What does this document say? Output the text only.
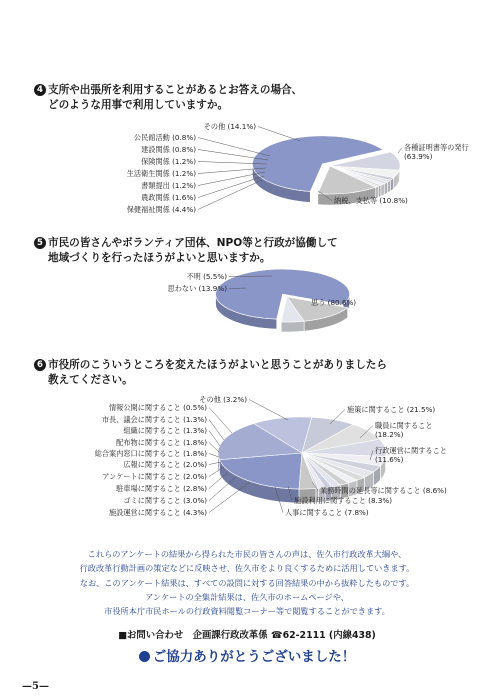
4 支所や出張所を利用することがあるとお答えの場合、
どのような用事で利用していますか。
各種証明書等の発行
(63.9%)
納税、支払等 (10.8%)
保健福祉関係 (4.4%)
農政関係 (1.6%)
書類提出 (1.2%)
生活衛生関係 (1.2%)
保険関係 (1.2%)
建設関係 (0.8%)
公民館活動 (0.8%)
その他 (14.1%)
5 市民の皆さんやボランティア団体、NPO等と行政が協働して
地域づくりを行ったほうがよいと思いますか。
思う (80.6%)
思わない (13.9%)
不明 (5.5%)
6 市役所のこういうところを変えたほうがよいと思うことがありましたら
教えてください。
施策に関すること (21.5%)
職員に関すること
(18.2%)
行政運営に関すること
(11.6%)
業務時間の延長等に関すること (8.6%)
施設利用に関すること (8.3%)
人事に関すること (7.8%)
施設運営に関すること (4.3%)
ゴミに関すること (3.0%)
駐車場に関すること (2.8%)
アンケートに関すること (2.0%)
広報に関すること (2.0%)
総合案内窓口に関すること (1.8%)
配布物に関すること (1.8%)
組織に関すること (1.3%)
市長、議会に関すること (1.3%)
情報公開に関すること (0.5%)
その他 (3.2%)
これらのアンケートの結果から得られた市民の皆さんの声は、佐久市行政改革大綱や、
行政改革行動計画の策定などに反映させ、佐久市をより良くするために活用していきます。
なお、このアンケート結果は、すべての設問に対する回答結果の中から抜粋したものです。
アンケートの全集計結果は、佐久市のホームページや、
市役所本庁市民ホールの行政資料閲覧コーナー等で閲覧することができます。
■お問い合わせ　企画課行政改革係 ☎62-2111 (内線438)
ご協力ありがとうございました！
—5—
